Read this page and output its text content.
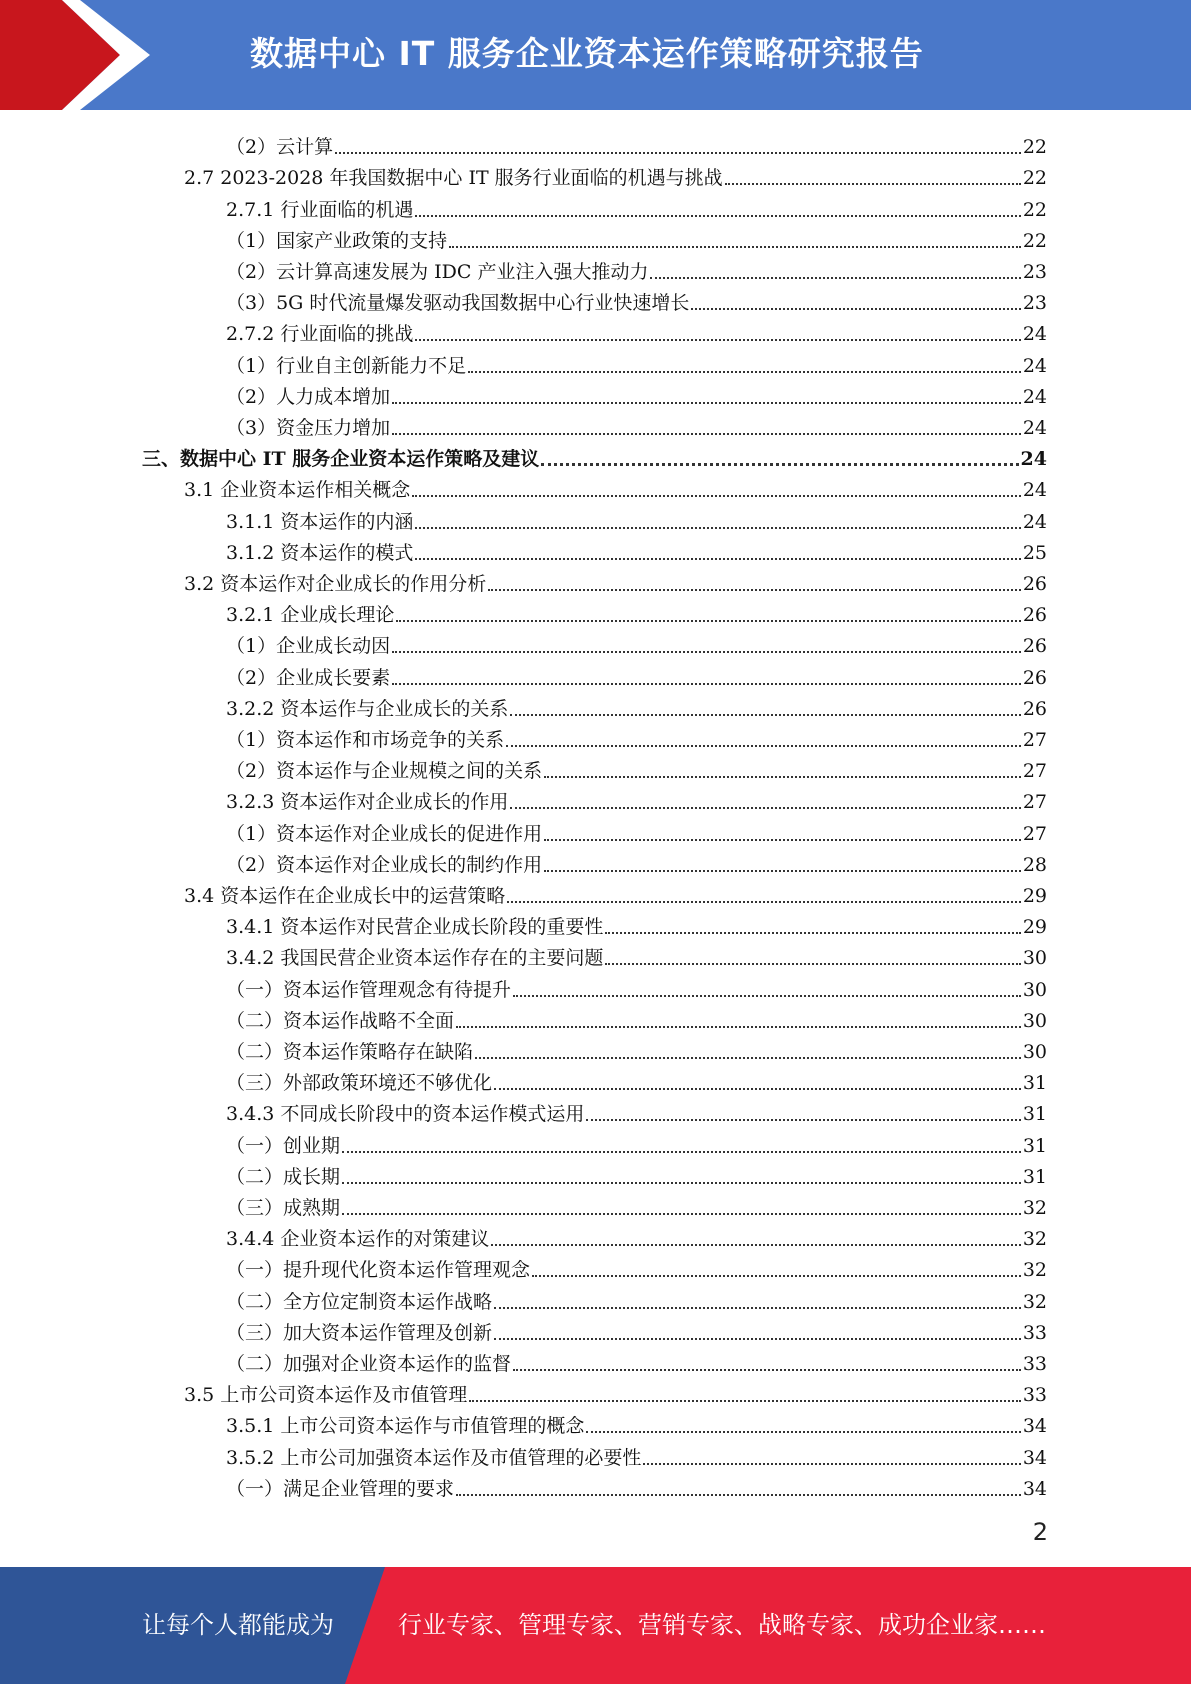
数据中心 IT 服务企业资本运作策略研究报告
（2）云计算	22
2.7 2023-2028 年我国数据中心 IT 服务行业面临的机遇与挑战	22
2.7.1 行业面临的机遇	22
（1）国家产业政策的支持	22
（2）云计算高速发展为 IDC 产业注入强大推动力	23
（3）5G 时代流量爆发驱动我国数据中心行业快速增长	23
2.7.2 行业面临的挑战	24
（1）行业自主创新能力不足	24
（2）人力成本增加	24
（3）资金压力增加	24
三、数据中心 IT 服务企业资本运作策略及建议	24
3.1 企业资本运作相关概念	24
3.1.1 资本运作的内涵	24
3.1.2 资本运作的模式	25
3.2 资本运作对企业成长的作用分析	26
3.2.1 企业成长理论	26
（1）企业成长动因	26
（2）企业成长要素	26
3.2.2 资本运作与企业成长的关系	26
（1）资本运作和市场竞争的关系	27
（2）资本运作与企业规模之间的关系	27
3.2.3 资本运作对企业成长的作用	27
（1）资本运作对企业成长的促进作用	27
（2）资本运作对企业成长的制约作用	28
3.4 资本运作在企业成长中的运营策略	29
3.4.1 资本运作对民营企业成长阶段的重要性	29
3.4.2 我国民营企业资本运作存在的主要问题	30
（一）资本运作管理观念有待提升	30
（二）资本运作战略不全面	30
（二）资本运作策略存在缺陷	30
（三）外部政策环境还不够优化	31
3.4.3 不同成长阶段中的资本运作模式运用	31
（一）创业期	31
（二）成长期	31
（三）成熟期	32
3.4.4 企业资本运作的对策建议	32
（一）提升现代化资本运作管理观念	32
（二）全方位定制资本运作战略	32
（三）加大资本运作管理及创新	33
（二）加强对企业资本运作的监督	33
3.5 上市公司资本运作及市值管理	33
3.5.1 上市公司资本运作与市值管理的概念	34
3.5.2 上市公司加强资本运作及市值管理的必要性	34
（一）满足企业管理的要求	34
2
让每个人都能成为	行业专家、管理专家、营销专家、战略专家、成功企业家……
